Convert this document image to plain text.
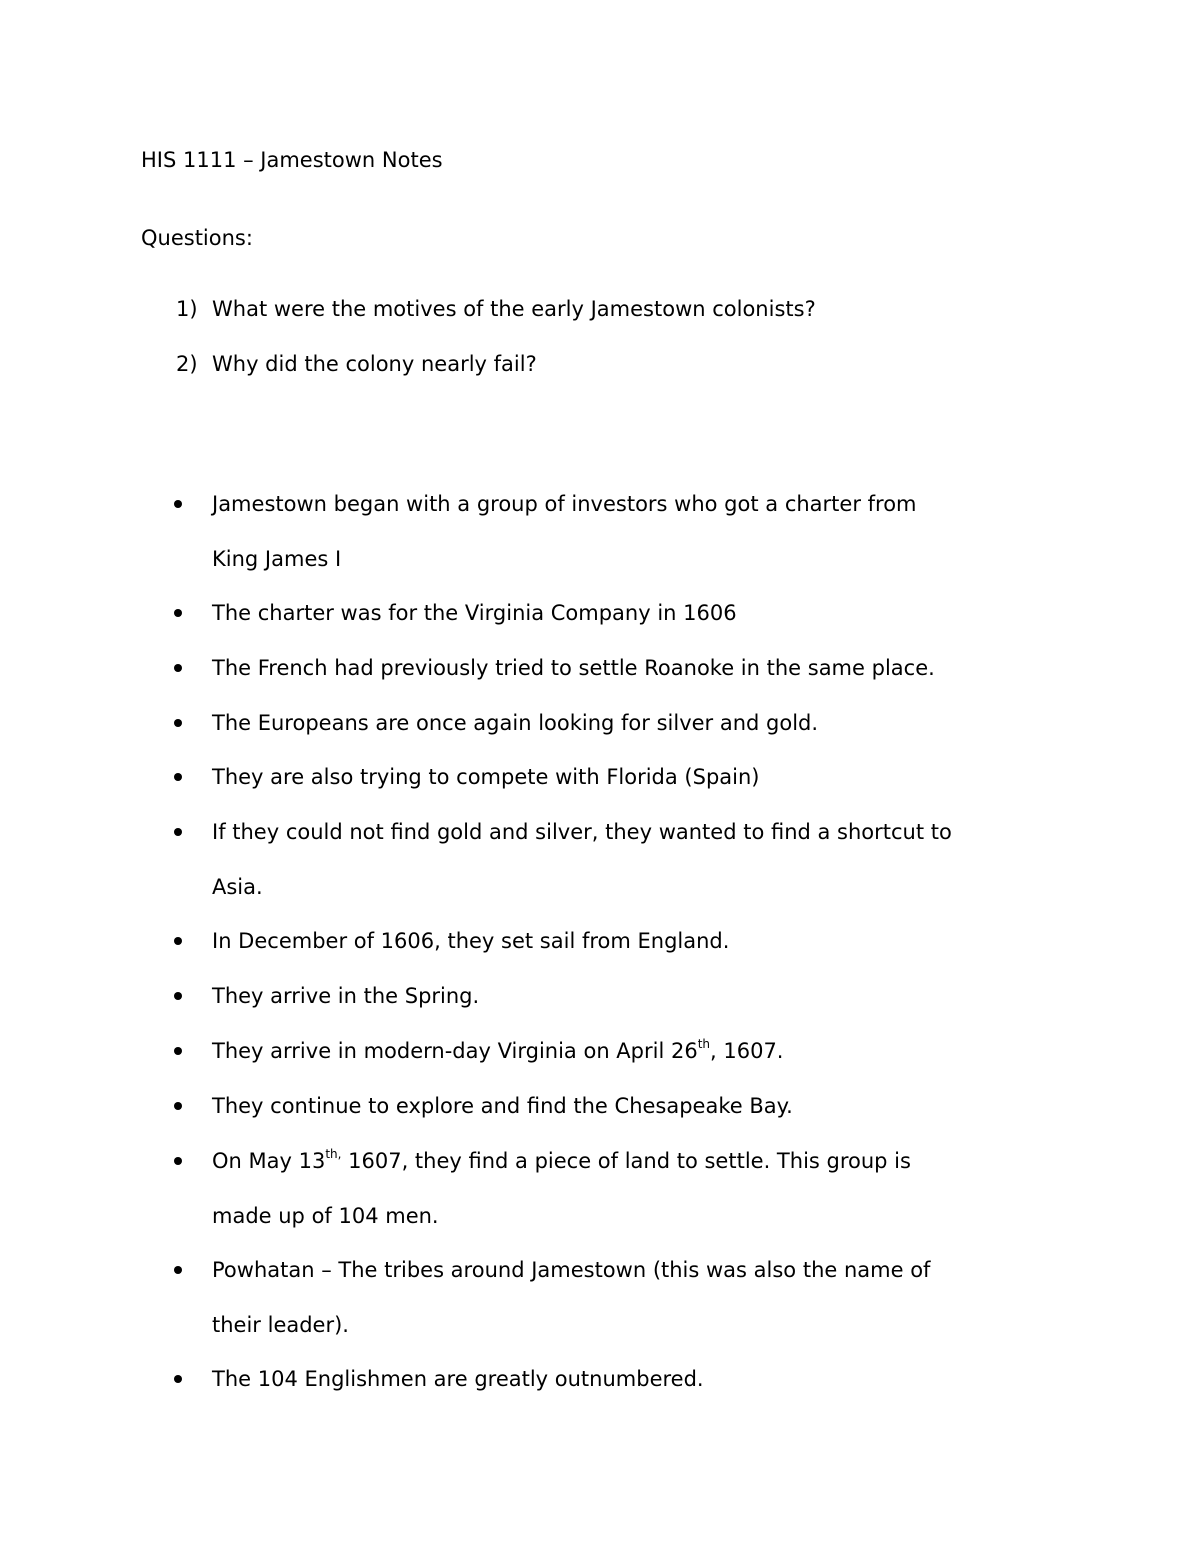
HIS 1111 – Jamestown Notes
Questions:
1) What were the motives of the early Jamestown colonists?
2) Why did the colony nearly fail?
Jamestown began with a group of investors who got a charter from
King James I
The charter was for the Virginia Company in 1606
The French had previously tried to settle Roanoke in the same place.
The Europeans are once again looking for silver and gold.
They are also trying to compete with Florida (Spain)
If they could not find gold and silver, they wanted to find a shortcut to
Asia.
In December of 1606, they set sail from England.
They arrive in the Spring.
They arrive in modern-day Virginia on April 26th, 1607.
They continue to explore and find the Chesapeake Bay.
On May $13^{th,}$ 1607, they find a piece of land to settle. This group is
made up of 104 men.
Powhatan – The tribes around Jamestown (this was also the name of
their leader).
The 104 Englishmen are greatly outnumbered.
